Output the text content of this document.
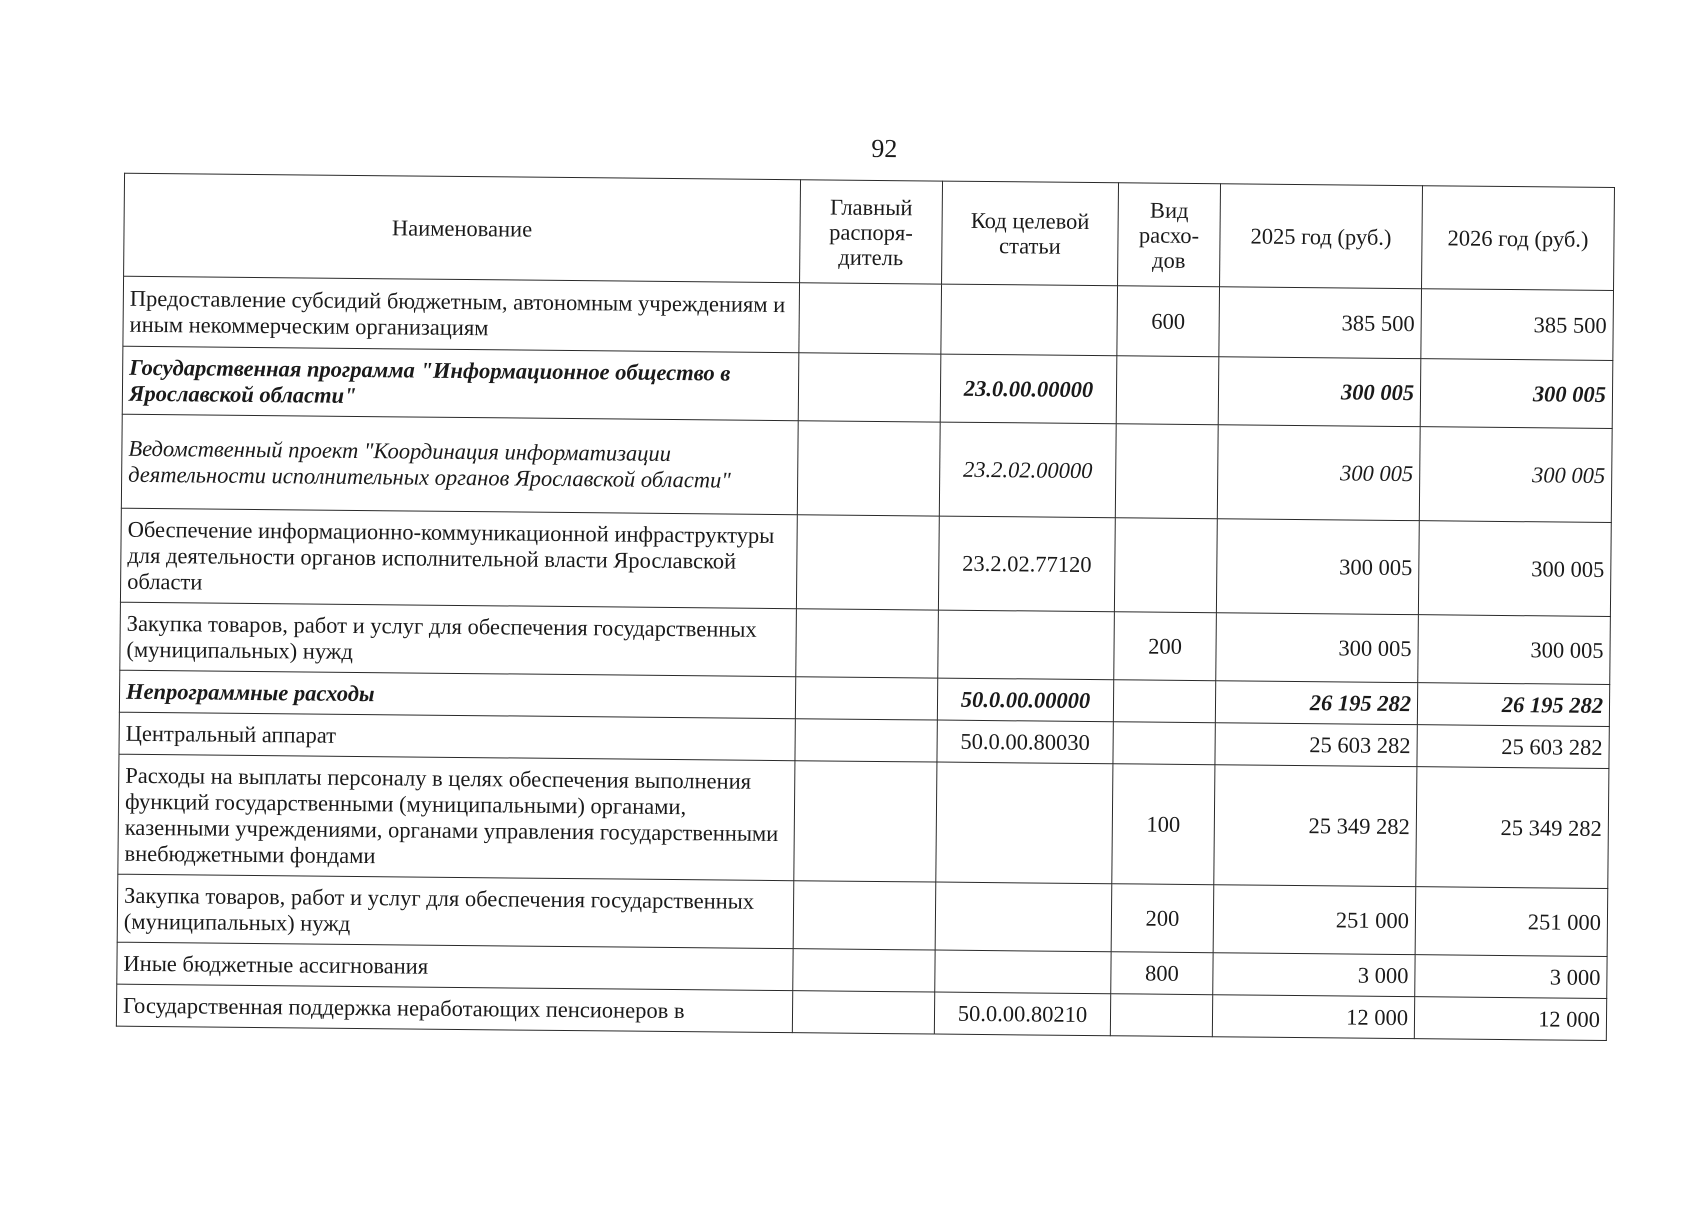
92
Наименование	Главный распоря-дитель	Код целевой статьи	Вид расхо-дов	2025 год (руб.)	2026 год (руб.)
Предоставление субсидий бюджетным, автономным учреждениям и иным некоммерческим организациям			600	385 500	385 500
Государственная программа "Информационное общество в Ярославской области"		23.0.00.00000		300 005	300 005
Ведомственный проект "Координация информатизации деятельности исполнительных органов Ярославской области"		23.2.02.00000		300 005	300 005
Обеспечение информационно-коммуникационной инфраструктуры для деятельности органов исполнительной власти Ярославской области		23.2.02.77120		300 005	300 005
Закупка товаров, работ и услуг для обеспечения государственных (муниципальных) нужд			200	300 005	300 005
Непрограммные расходы		50.0.00.00000		26 195 282	26 195 282
Центральный аппарат		50.0.00.80030		25 603 282	25 603 282
Расходы на выплаты персоналу в целях обеспечения выполнения функций государственными (муниципальными) органами, казенными учреждениями, органами управления государственными внебюджетными фондами			100	25 349 282	25 349 282
Закупка товаров, работ и услуг для обеспечения государственных (муниципальных) нужд			200	251 000	251 000
Иные бюджетные ассигнования			800	3 000	3 000
Государственная поддержка неработающих пенсионеров в		50.0.00.80210		12 000	12 000
